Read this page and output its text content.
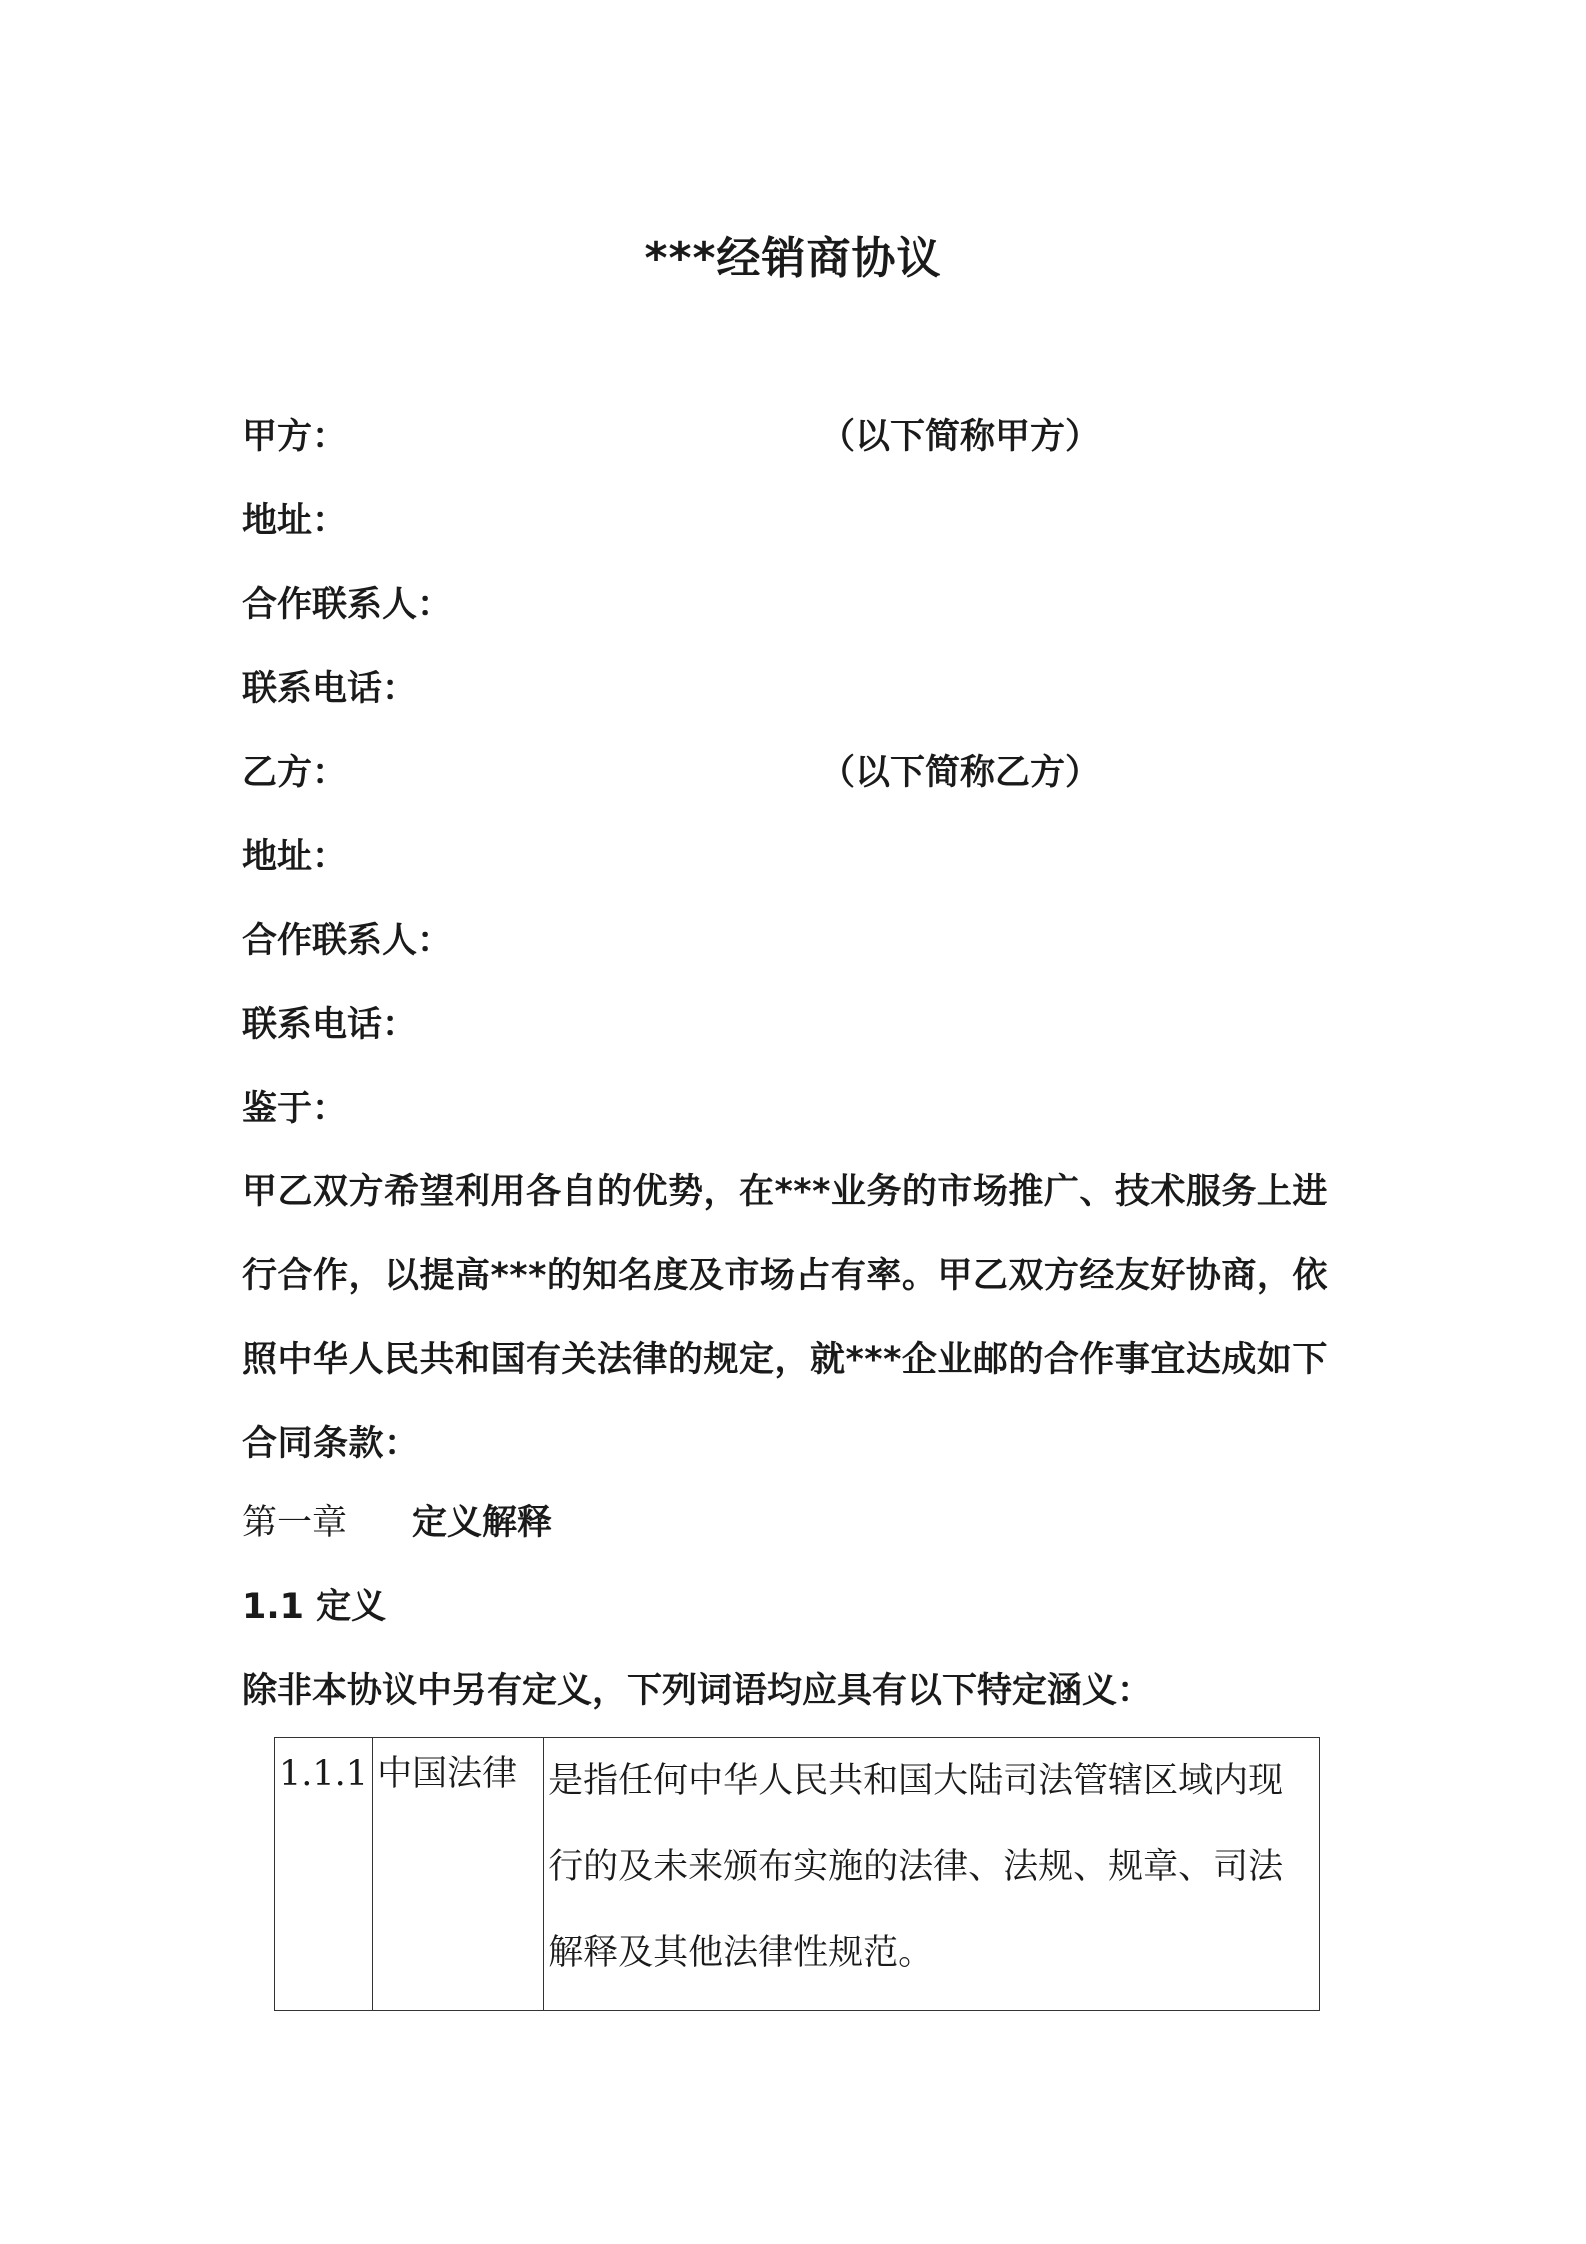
***经销商协议
甲方：	（以下简称甲方）
地址：
合作联系人：
联系电话：
乙方：	（以下简称乙方）
地址：
合作联系人：
联系电话：
鉴于：
甲乙双方希望利用各自的优势，在***业务的市场推广、技术服务上进行合作，以提高***的知名度及市场占有率。甲乙双方经友好协商，依照中华人民共和国有关法律的规定，就***企业邮的合作事宜达成如下合同条款：
第一章 定义解释
1.1 定义
除非本协议中另有定义，下列词语均应具有以下特定涵义：
1.1.1	中国法律	是指任何中华人民共和国大陆司法管辖区域内现行的及未来颁布实施的法律、法规、规章、司法解释及其他法律性规范。
